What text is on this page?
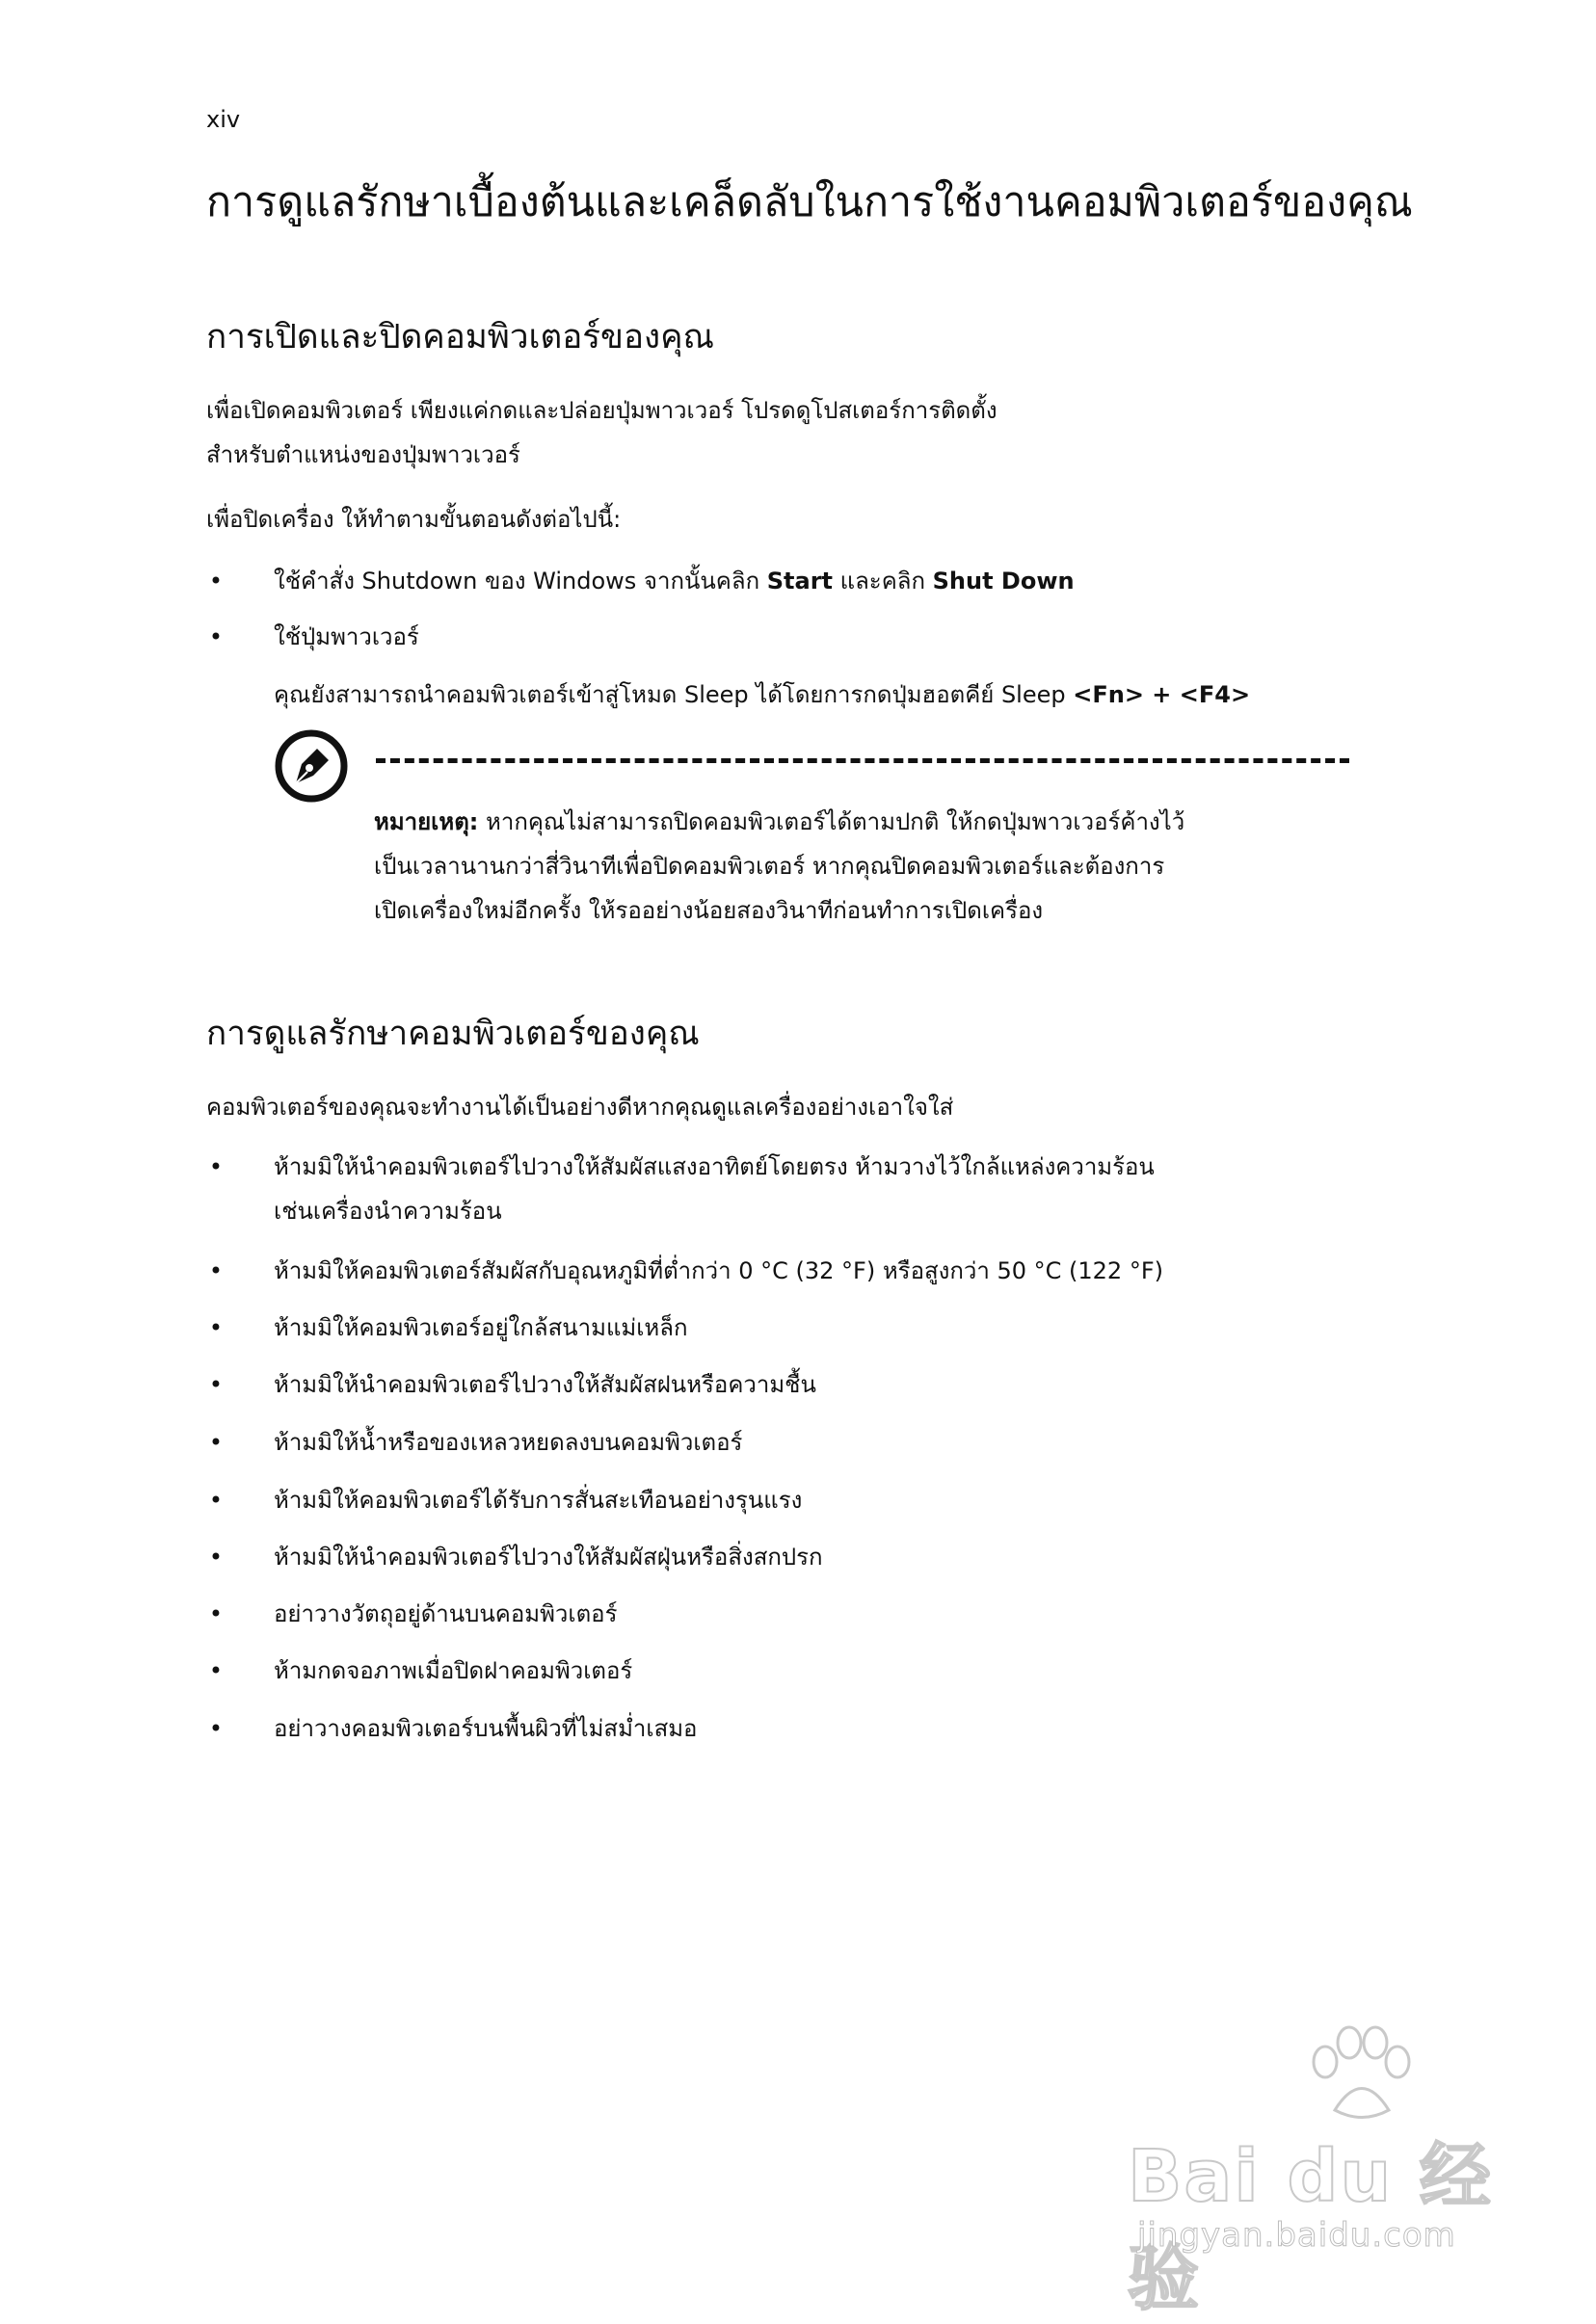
xiv
การดูแลรักษาเบื้องต้นและเคล็ดลับในการใช้งานคอมพิวเตอร์ของคุณ
การเปิดและปิดคอมพิวเตอร์ของคุณ

เพื่อเปิดคอมพิวเตอร์ เพียงแค่กดและปล่อยปุ่มพาวเวอร์ โปรดดูโปสเตอร์การติดตั้ง

สำหรับตำแหน่งของปุ่มพาวเวอร์

เพื่อปิดเครื่อง ให้ทำตามขั้นตอนดังต่อไปนี้:

• ใช้คำสั่ง Shutdown ของ Windows จากนั้นคลิก Start และคลิก Shut Down
• ใช้ปุ่มพาวเวอร์
คุณยังสามารถนำคอมพิวเตอร์เข้าสู่โหมด Sleep ได้โดยการกดปุ่มฮอตคีย์ Sleep <Fn> + <F4>
หมายเหตุ: หากคุณไม่สามารถปิดคอมพิวเตอร์ได้ตามปกติ ให้กดปุ่มพาวเวอร์ค้างไว้
เป็นเวลานานกว่าสี่วินาทีเพื่อปิดคอมพิวเตอร์ หากคุณปิดคอมพิวเตอร์และต้องการ
เปิดเครื่องใหม่อีกครั้ง ให้รออย่างน้อยสองวินาทีก่อนทำการเปิดเครื่อง
การดูแลรักษาคอมพิวเตอร์ของคุณ

คอมพิวเตอร์ของคุณจะทำงานได้เป็นอย่างดีหากคุณดูแลเครื่องอย่างเอาใจใส่

• ห้ามมิให้นำคอมพิวเตอร์ไปวางให้สัมผัสแสงอาทิตย์โดยตรง ห้ามวางไว้ใกล้แหล่งความร้อน
เช่นเครื่องนำความร้อน
• ห้ามมิให้คอมพิวเตอร์สัมผัสกับอุณหภูมิที่ต่ำกว่า 0 °C (32 °F) หรือสูงกว่า 50 °C (122 °F)
• ห้ามมิให้คอมพิวเตอร์อยู่ใกล้สนามแม่เหล็ก
• ห้ามมิให้นำคอมพิวเตอร์ไปวางให้สัมผัสฝนหรือความชื้น
• ห้ามมิให้น้ำหรือของเหลวหยดลงบนคอมพิวเตอร์
• ห้ามมิให้คอมพิวเตอร์ได้รับการสั่นสะเทือนอย่างรุนแรง
• ห้ามมิให้นำคอมพิวเตอร์ไปวางให้สัมผัสฝุ่นหรือสิ่งสกปรก
• อย่าวางวัตถุอยู่ด้านบนคอมพิวเตอร์
• ห้ามกดจอภาพเมื่อปิดฝาคอมพิวเตอร์
• อย่าวางคอมพิวเตอร์บนพื้นผิวที่ไม่สม่ำเสมอ
Bai du 经验
jingyan.baidu.com
